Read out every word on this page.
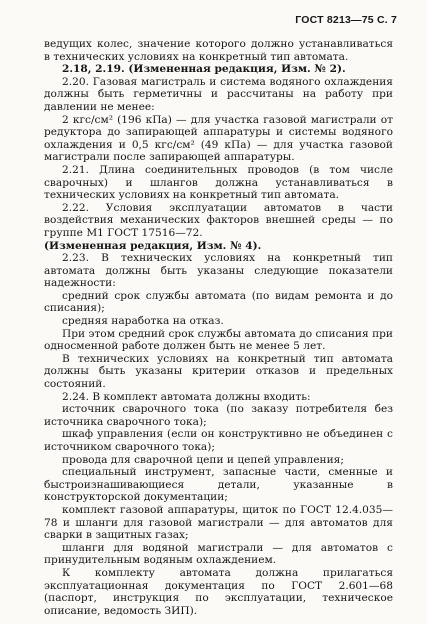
ГОСТ 8213—75 С. 7

ведущих колес, значение которого должно устанавливаться в технических условиях на конкретный тип автомата.

2.18, 2.19. (Измененная редакция, Изм. № 2).

2.20. Газовая магистраль и система водяного охлаждения должны быть герметичны и рассчитаны на работу при давлении не менее:

2 кгс/см² (196 кПа) — для участка газовой магистрали от редуктора до запирающей аппаратуры и системы водяного охлаждения и 0,5 кгс/см² (49 кПа) — для участка газовой магистрали после запирающей аппаратуры.

2.21. Длина соединительных проводов (в том числе сварочных) и шлангов должна устанавливаться в технических условиях на конкретный тип автомата.

2.22. Условия эксплуатации автоматов в части воздействия механических факторов внешней среды — по группе М1 ГОСТ 17516—72.

(Измененная редакция, Изм. № 4).

2.23. В технических условиях на конкретный тип автомата должны быть указаны следующие показатели надежности:

средний срок службы автомата (по видам ремонта и до списания);

средняя наработка на отказ.

При этом средний срок службы автомата до списания при односменной работе должен быть не менее 5 лет.

В технических условиях на конкретный тип автомата должны быть указаны критерии отказов и предельных состояний.

2.24. В комплект автомата должны входить:

источник сварочного тока (по заказу потребителя без источника сварочного тока);

шкаф управления (если он конструктивно не объединен с источником сварочного тока);

провода для сварочной цепи и цепей управления;

специальный инструмент, запасные части, сменные и быстроизнашивающиеся детали, указанные в конструкторской документации;

комплект газовой аппаратуры, щиток по ГОСТ 12.4.035—78 и шланги для газовой магистрали — для автоматов для сварки в защитных газах;

шланги для водяной магистрали — для автоматов с принудительным водяным охлаждением.

К комплекту автомата должна прилагаться эксплуатационная документация по ГОСТ 2.601—68 (паспорт, инструкция по эксплуатации, техническое описание, ведомость ЗИП).
